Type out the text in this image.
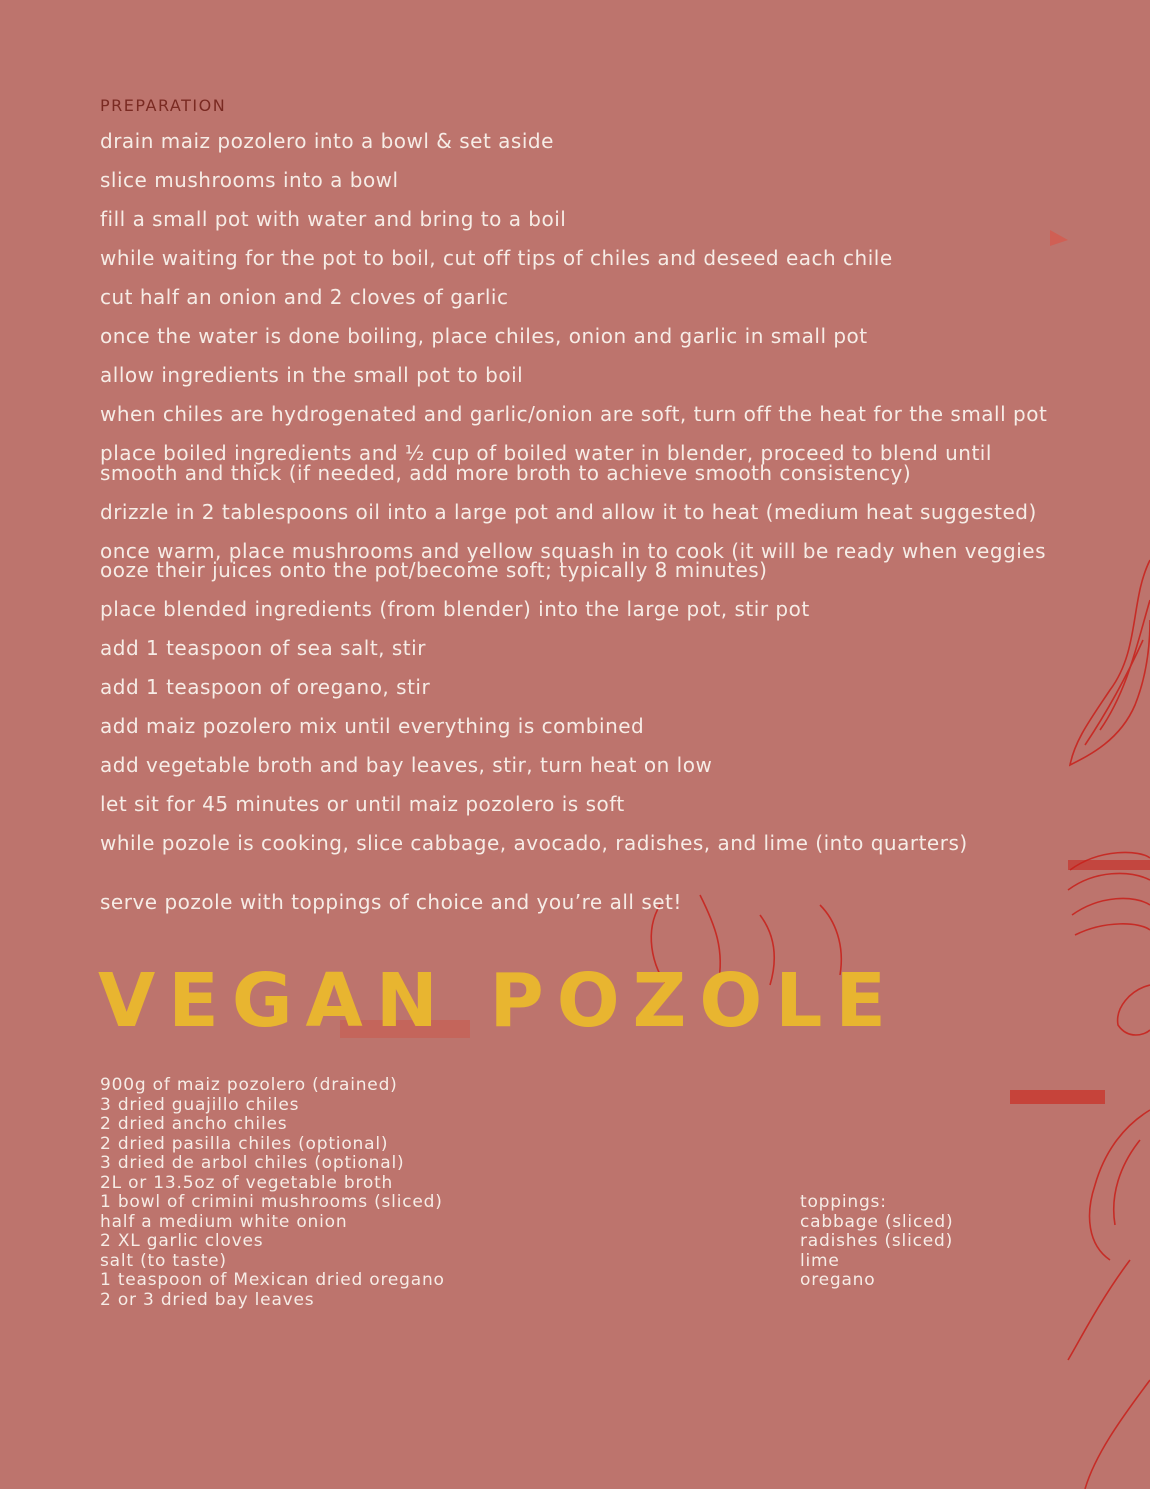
PREPARATION
drain maiz pozolero into a bowl & set aside
slice mushrooms into a bowl
fill a small pot with water and bring to a boil
while waiting for the pot to boil, cut off tips of chiles and deseed each chile
cut half an onion and 2 cloves of garlic
once the water is done boiling, place chiles, onion and garlic in small pot
allow ingredients in the small pot to boil
when chiles are hydrogenated and garlic/onion are soft, turn off the heat for the small pot
place boiled ingredients and ½ cup of boiled water in blender, proceed to blend until smooth and thick (if needed, add more broth to achieve smooth consistency)
drizzle in 2 tablespoons oil into a large pot and allow it to heat (medium heat suggested)
once warm, place mushrooms and yellow squash in to cook (it will be ready when veggies ooze their juices onto the pot/become soft; typically 8 minutes)
place blended ingredients (from blender) into the large pot, stir pot
add 1 teaspoon of sea salt, stir
add 1 teaspoon of oregano, stir
add maiz pozolero mix until everything is combined
add vegetable broth and bay leaves, stir, turn heat on low
let sit for 45 minutes or until maiz pozolero is soft
while pozole is cooking, slice cabbage, avocado, radishes, and lime (into quarters)
serve pozole with toppings of choice and you’re all set!
VEGAN POZOLE
900g of maiz pozolero (drained)
3 dried guajillo chiles
2 dried ancho chiles
2 dried pasilla chiles (optional)
3 dried de arbol chiles (optional)
2L or 13.5oz of vegetable broth
1 bowl of crimini mushrooms (sliced)
half a medium white onion
2 XL garlic cloves
salt (to taste)
1 teaspoon of Mexican dried oregano
2 or 3 dried bay leaves

toppings:

cabbage (sliced)
radishes (sliced)
lime
oregano
